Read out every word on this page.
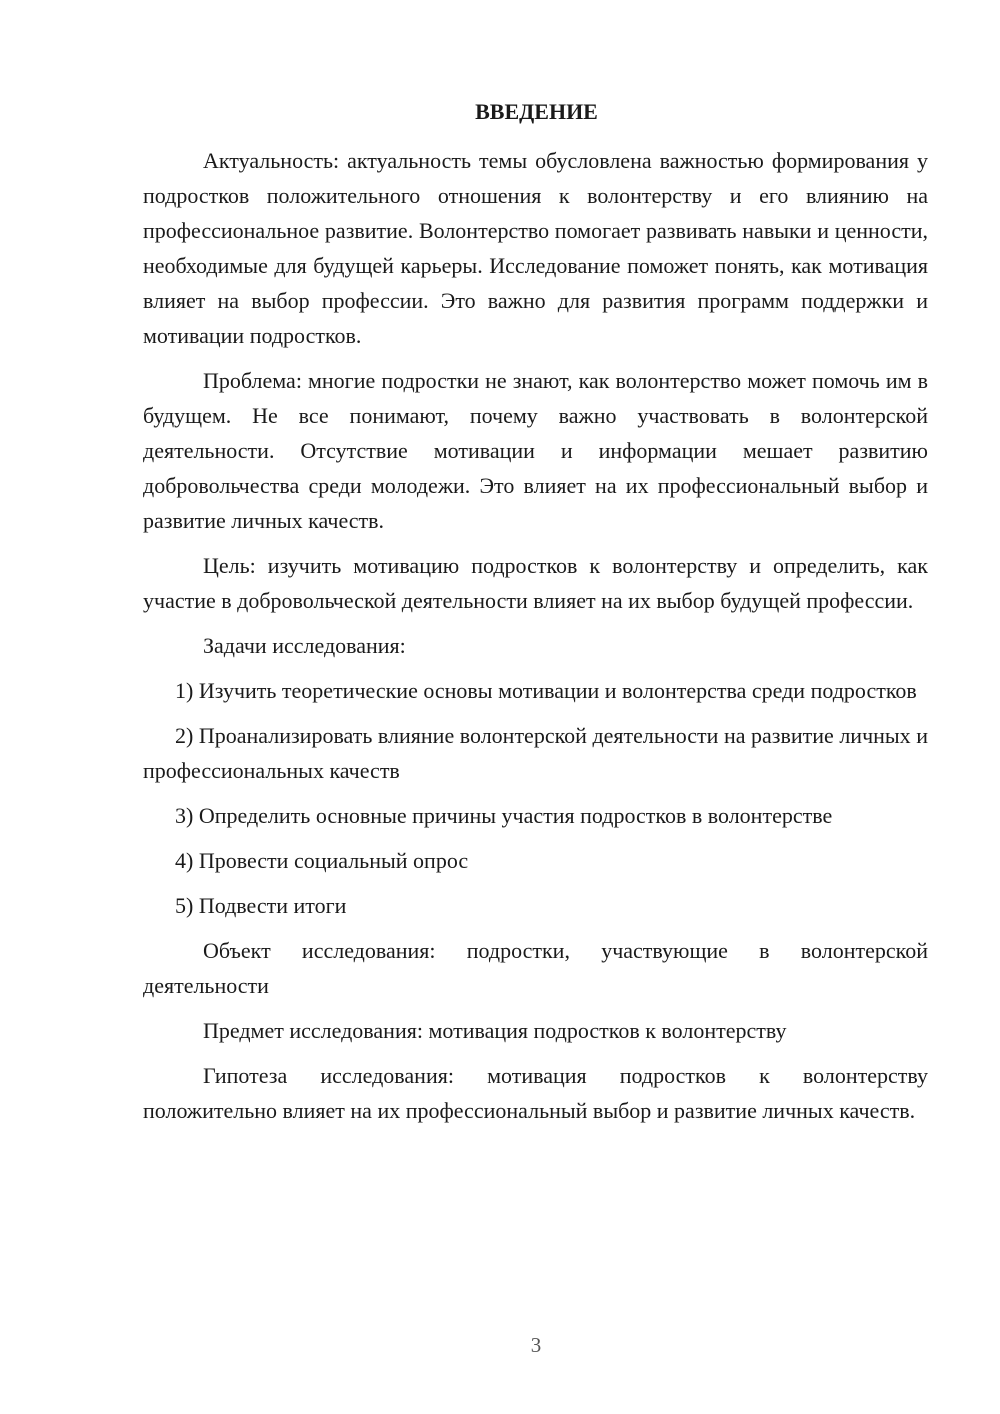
ВВЕДЕНИЕ

Актуальность: актуальность темы обусловлена важностью формирования у подростков положительного отношения к волонтерству и его влиянию на профессиональное развитие. Волонтерство помогает развивать навыки и ценности, необходимые для будущей карьеры. Исследование поможет понять, как мотивация влияет на выбор профессии. Это важно для развития программ поддержки и мотивации подростков.

Проблема: многие подростки не знают, как волонтерство может помочь им в будущем. Не все понимают, почему важно участвовать в волонтерской деятельности. Отсутствие мотивации и информации мешает развитию добровольчества среди молодежи. Это влияет на их профессиональный выбор и развитие личных качеств.

Цель: изучить мотивацию подростков к волонтерству и определить, как участие в добровольческой деятельности влияет на их выбор будущей профессии.

Задачи исследования:

1) Изучить теоретические основы мотивации и волонтерства среди подростков

2) Проанализировать влияние волонтерской деятельности на развитие личных и профессиональных качеств

3) Определить основные причины участия подростков в волонтерстве

4) Провести социальный опрос

5) Подвести итоги

Объект исследования: подростки, участвующие в волонтерской деятельности

Предмет исследования: мотивация подростков к волонтерству

Гипотеза исследования: мотивация подростков к волонтерству положительно влияет на их профессиональный выбор и развитие личных качеств.

3
